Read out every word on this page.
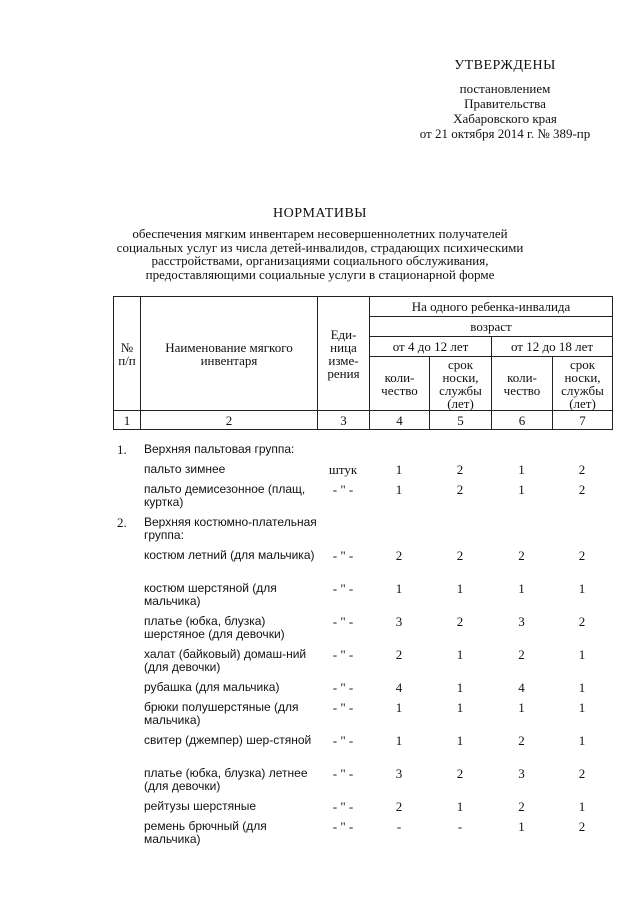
УТВЕРЖДЕНЫ
постановлением
Правительства
Хабаровского края
от 21 октября 2014 г. № 389-пр
НОРМАТИВЫ
обеспечения мягким инвентарем несовершеннолетних получателей
социальных услуг из числа детей-инвалидов, страдающих психическими
расстройствами, организациями социального обслуживания,
предоставляющими социальные услуги в стационарной форме
№ п/п	Наименование мягкого инвентаря	Еди-ница изме-рения	На одного ребенка-инвалида			
			возраст			
			от 4 до 12 лет		от 12 до 18 лет	
			коли-чество	срок носки, службы (лет)	коли-чество	срок носки, службы (лет)
1	2	3	4	5	6	7
1.	Верхняя пальтовая группа:					
	пальто зимнее	штук	1	2	1	2
	пальто демисезонное (плащ, куртка)	- " -	1	2	1	2
2.	Верхняя костюмно-плательная группа:					
	костюм летний (для мальчика)	- " -	2	2	2	2
	костюм шерстяной (для мальчика)	- " -	1	1	1	1
	платье (юбка, блузка) шерстяное (для девочки)	- " -	3	2	3	2
	халат (байковый) домаш-ний (для девочки)	- " -	2	1	2	1
	рубашка (для мальчика)	- " -	4	1	4	1
	брюки полушерстяные (для мальчика)	- " -	1	1	1	1
	свитер (джемпер) шер-стяной	- " -	1	1	2	1
	платье (юбка, блузка) летнее (для девочки)	- " -	3	2	3	2
	рейтузы шерстяные	- " -	2	1	2	1
	ремень брючный (для мальчика)	- " -	-	-	1	2
